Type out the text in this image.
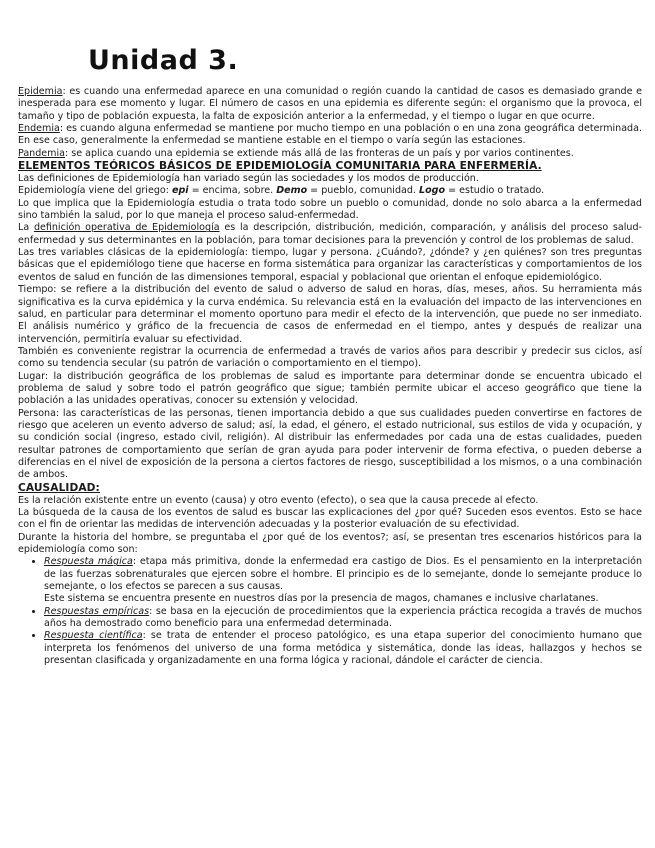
Unidad 3.

Epidemia: es cuando una enfermedad aparece en una comunidad o región cuando la cantidad de casos es demasiado grande e inesperada para ese momento y lugar. El número de casos en una epidemia es diferente según: el organismo que la provoca, el tamaño y tipo de población expuesta, la falta de exposición anterior a la enfermedad, y el tiempo o lugar en que ocurre.

Endemia: es cuando alguna enfermedad se mantiene por mucho tiempo en una población o en una zona geográfica determinada. En ese caso, generalmente la enfermedad se mantiene estable en el tiempo o varía según las estaciones.

Pandemia: se aplica cuando una epidemia se extiende más allá de las fronteras de un país y por varios continentes.

ELEMENTOS TEÓRICOS BÁSICOS DE EPIDEMIOLOGÍA COMUNITARIA PARA ENFERMERÍA.

Las definiciones de Epidemiología han variado según las sociedades y los modos de producción.

Epidemiología viene del griego: epi = encima, sobre. Demo = pueblo, comunidad. Logo = estudio o tratado.

Lo que implica que la Epidemiología estudia o trata todo sobre un pueblo o comunidad, donde no solo abarca a la enfermedad sino también la salud, por lo que maneja el proceso salud-enfermedad.

La definición operativa de Epidemiología es la descripción, distribución, medición, comparación, y análisis del proceso salud-enfermedad y sus determinantes en la población, para tomar decisiones para la prevención y control de los problemas de salud.

Las tres variables clásicas de la epidemiología: tiempo, lugar y persona. ¿Cuándo?, ¿dónde? y ¿en quiénes? son tres preguntas básicas que el epidemiólogo tiene que hacerse en forma sistemática para organizar las características y comportamientos de los eventos de salud en función de las dimensiones temporal, espacial y poblacional que orientan el enfoque epidemiológico.

Tiempo: se refiere a la distribución del evento de salud o adverso de salud en horas, días, meses, años. Su herramienta más significativa es la curva epidémica y la curva endémica. Su relevancia está en la evaluación del impacto de las intervenciones en salud, en particular para determinar el momento oportuno para medir el efecto de la intervención, que puede no ser inmediato. El análisis numérico y gráfico de la frecuencia de casos de enfermedad en el tiempo, antes y después de realizar una intervención, permitiría evaluar su efectividad.

También es conveniente registrar la ocurrencia de enfermedad a través de varios años para describir y predecir sus ciclos, así como su tendencia secular (su patrón de variación o comportamiento en el tiempo).

Lugar: la distribución geográfica de los problemas de salud es importante para determinar donde se encuentra ubicado el problema de salud y sobre todo el patrón geográfico que sigue; también permite ubicar el acceso geográfico que tiene la población a las unidades operativas, conocer su extensión y velocidad.

Persona: las características de las personas, tienen importancia debido a que sus cualidades pueden convertirse en factores de riesgo que aceleren un evento adverso de salud; así, la edad, el género, el estado nutricional, sus estilos de vida y ocupación, y su condición social (ingreso, estado civil, religión). Al distribuir las enfermedades por cada una de estas cualidades, pueden resultar patrones de comportamiento que serían de gran ayuda para poder intervenir de forma efectiva, o pueden deberse a diferencias en el nivel de exposición de la persona a ciertos factores de riesgo, susceptibilidad a los mismos, o a una combinación de ambos.

CAUSALIDAD:

Es la relación existente entre un evento (causa) y otro evento (efecto), o sea que la causa precede al efecto.

La búsqueda de la causa de los eventos de salud es buscar las explicaciones del ¿por qué? Suceden esos eventos. Esto se hace con el fin de orientar las medidas de intervención adecuadas y la posterior evaluación de su efectividad.

Durante la historia del hombre, se preguntaba el ¿por qué de los eventos?; así, se presentan tres escenarios históricos para la epidemiología como son:

• Respuesta mágica: etapa más primitiva, donde la enfermedad era castigo de Dios. Es el pensamiento en la interpretación de las fuerzas sobrenaturales que ejercen sobre el hombre. El principio es de lo semejante, donde lo semejante produce lo semejante, o los efectos se parecen a sus causas.

Este sistema se encuentra presente en nuestros días por la presencia de magos, chamanes e inclusive charlatanes.

• Respuestas empíricas: se basa en la ejecución de procedimientos que la experiencia práctica recogida a través de muchos años ha demostrado como beneficio para una enfermedad determinada.
• Respuesta científica: se trata de entender el proceso patológico, es una etapa superior del conocimiento humano que interpreta los fenómenos del universo de una forma metódica y sistemática, donde las ideas, hallazgos y hechos se presentan clasificada y organizadamente en una forma lógica y racional, dándole el carácter de ciencia.
